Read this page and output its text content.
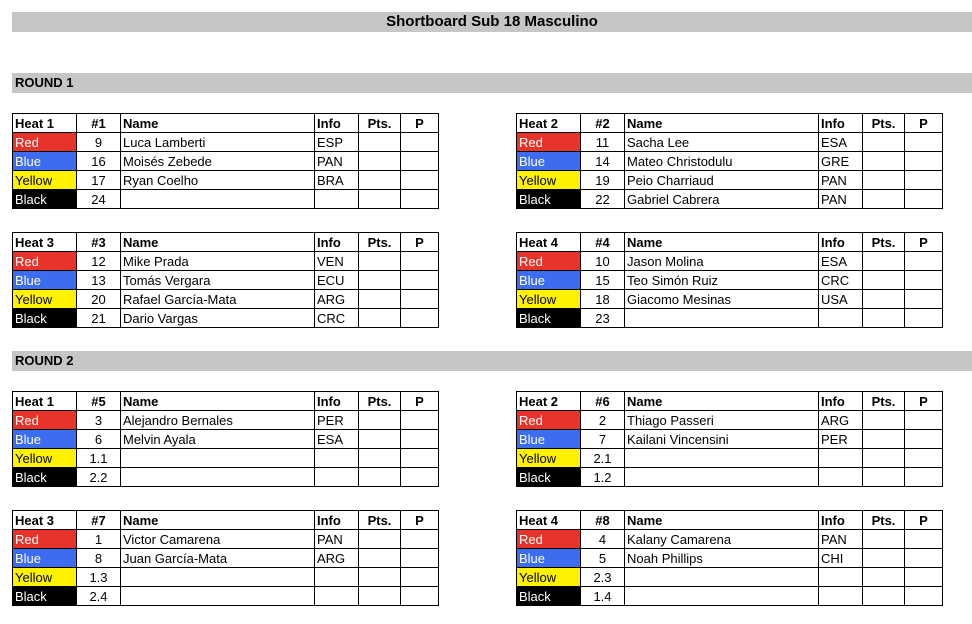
Shortboard Sub 18 Masculino
ROUND 1
Heat 1	#1	Name	Info	Pts.	P
Red	9	Luca Lamberti	ESP		
Blue	16	Moisés Zebede	PAN		
Yellow	17	Ryan Coelho	BRA		
Black	24				
Heat 2	#2	Name	Info	Pts.	P
Red	11	Sacha Lee	ESA		
Blue	14	Mateo Christodulu	GRE		
Yellow	19	Peio Charriaud	PAN		
Black	22	Gabriel Cabrera	PAN		
Heat 3	#3	Name	Info	Pts.	P
Red	12	Mike Prada	VEN		
Blue	13	Tomás Vergara	ECU		
Yellow	20	Rafael García-Mata	ARG		
Black	21	Dario Vargas	CRC		
Heat 4	#4	Name	Info	Pts.	P
Red	10	Jason Molina	ESA		
Blue	15	Teo Simón Ruiz	CRC		
Yellow	18	Giacomo Mesinas	USA		
Black	23				
ROUND 2
Heat 1	#5	Name	Info	Pts.	P
Red	3	Alejandro Bernales	PER		
Blue	6	Melvin Ayala	ESA		
Yellow	1.1				
Black	2.2				
Heat 2	#6	Name	Info	Pts.	P
Red	2	Thiago Passeri	ARG		
Blue	7	Kailani Vincensini	PER		
Yellow	2.1				
Black	1.2				
Heat 3	#7	Name	Info	Pts.	P
Red	1	Victor Camarena	PAN		
Blue	8	Juan García-Mata	ARG		
Yellow	1.3				
Black	2.4				
Heat 4	#8	Name	Info	Pts.	P
Red	4	Kalany Camarena	PAN		
Blue	5	Noah Phillips	CHI		
Yellow	2.3				
Black	1.4				
